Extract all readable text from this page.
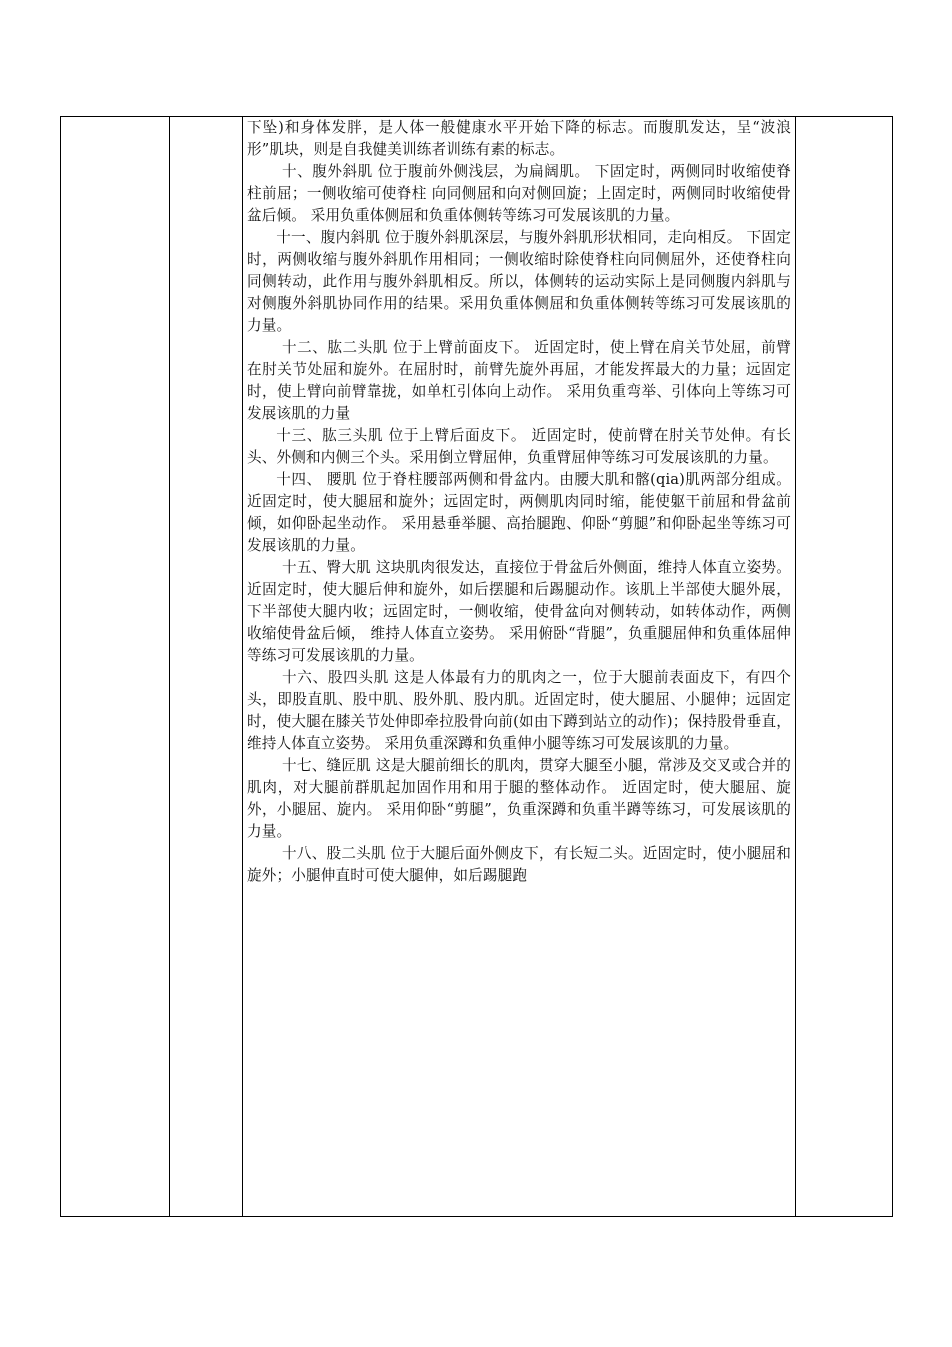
下坠)和身体发胖，是人体一般健康水平开始下降的标志。而腹肌发达，呈“波浪形”肌块，则是自我健美训练者训练有素的标志。

十、腹外斜肌 位于腹前外侧浅层，为扁阔肌。 下固定时，两侧同时收缩使脊柱前屈；一侧收缩可使脊柱 向同侧屈和向对侧回旋；上固定时，两侧同时收缩使骨盆后倾。 采用负重体侧屈和负重体侧转等练习可发展该肌的力量。

十一、腹内斜肌 位于腹外斜肌深层，与腹外斜肌形状相同，走向相反。 下固定时，两侧收缩与腹外斜肌作用相同；一侧收缩时除使脊柱向同侧屈外，还使脊柱向同侧转动，此作用与腹外斜肌相反。所以，体侧转的运动实际上是同侧腹内斜肌与对侧腹外斜肌协同作用的结果。采用负重体侧屈和负重体侧转等练习可发展该肌的力量。

十二、肱二头肌 位于上臂前面皮下。 近固定时，使上臂在肩关节处屈，前臂在肘关节处屈和旋外。在屈肘时，前臂先旋外再屈，才能发挥最大的力量；远固定时，使上臂向前臂靠拢，如单杠引体向上动作。 采用负重弯举、引体向上等练习可发展该肌的力量

十三、肱三头肌 位于上臂后面皮下。 近固定时，使前臂在肘关节处伸。有长头、外侧和内侧三个头。采用倒立臂屈伸，负重臂屈伸等练习可发展该肌的力量。

十四、 腰肌 位于脊柱腰部两侧和骨盆内。由腰大肌和髂(qia)肌两部分组成。 近固定时，使大腿屈和旋外；远固定时，两侧肌肉同时缩，能使躯干前屈和骨盆前倾，如仰卧起坐动作。 采用悬垂举腿、高抬腿跑、仰卧“剪腿”和仰卧起坐等练习可发展该肌的力量。

十五、臀大肌 这块肌肉很发达，直接位于骨盆后外侧面，维持人体直立姿势。 近固定时，使大腿后伸和旋外，如后摆腿和后踢腿动作。该肌上半部使大腿外展，下半部使大腿内收；远固定时，一侧收缩，使骨盆向对侧转动，如转体动作，两侧收缩使骨盆后倾， 维持人体直立姿势。 采用俯卧“背腿”，负重腿屈伸和负重体屈伸等练习可发展该肌的力量。

十六、股四头肌 这是人体最有力的肌肉之一，位于大腿前表面皮下，有四个头，即股直肌、股中肌、股外肌、股内肌。近固定时，使大腿屈、小腿伸；远固定时，使大腿在膝关节处伸即牵拉股骨向前(如由下蹲到站立的动作)；保持股骨垂直，维持人体直立姿势。 采用负重深蹲和负重伸小腿等练习可发展该肌的力量。

十七、缝匠肌 这是大腿前细长的肌肉，贯穿大腿至小腿，常涉及交叉或合并的肌肉，对大腿前群肌起加固作用和用于腿的整体动作。 近固定时，使大腿屈、旋外，小腿屈、旋内。 采用仰卧“剪腿”，负重深蹲和负重半蹲等练习，可发展该肌的力量。

十八、股二头肌 位于大腿后面外侧皮下，有长短二头。近固定时，使小腿屈和旋外；小腿伸直时可使大腿伸，如后踢腿跑
